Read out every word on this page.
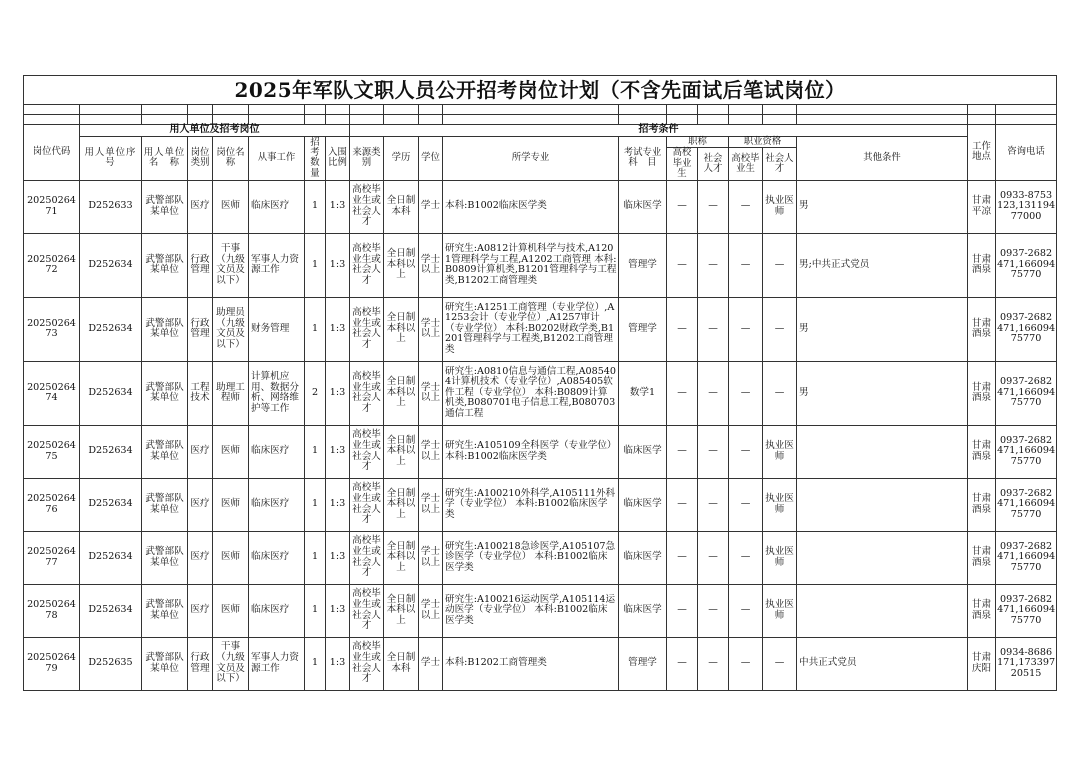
2025年军队文职人员公开招考岗位计划（不含先面试后笔试岗位）																			

岗位代码	用人单位及招考岗位							招考条件										工作地点	咨询电话
	用人单位序　号	用人单位名　称	岗位类别	岗位名称	从事工作	招考数量	入围比例	来源类别	学历	学位	所学专业	考试专业科　目	职称		职业资格		其他条件		
													高校毕业生	社会人才	高校毕业生	社会人才			
2025026471	D252633	武警部队某单位	医疗	医师	临床医疗	1	1:3	高校毕业生或社会人才	全日制本科	学士	本科:B1002临床医学类	临床医学	—	—	—	执业医师	男	甘肃平凉	0933-8753123,13119477000
2025026472	D252634	武警部队某单位	行政管理	干事（九级文员及以下）	军事人力资源工作	1	1:3	高校毕业生或社会人才	全日制本科以上	学士以上	研究生:A0812计算机科学与技术,A1201管理科学与工程,A1202工商管理 本科:B0809计算机类,B1201管理科学与工程类,B1202工商管理类	管理学	—	—	—	—	男;中共正式党员	甘肃酒泉	0937-2682471,16609475770
2025026473	D252634	武警部队某单位	行政管理	助理员（九级文员及以下）	财务管理	1	1:3	高校毕业生或社会人才	全日制本科以上	学士以上	研究生:A1251工商管理（专业学位）,A1253会计（专业学位）,A1257审计（专业学位） 本科:B0202财政学类,B1201管理科学与工程类,B1202工商管理类	管理学	—	—	—	—	男	甘肃酒泉	0937-2682471,16609475770
2025026474	D252634	武警部队某单位	工程技术	助理工程师	计算机应用、数据分析、网络维护等工作	2	1:3	高校毕业生或社会人才	全日制本科以上	学士以上	研究生:A0810信息与通信工程,A085404计算机技术（专业学位）,A085405软件工程（专业学位） 本科:B0809计算机类,B080701电子信息工程,B080703通信工程	数学1	—	—	—	—	男	甘肃酒泉	0937-2682471,16609475770
2025026475	D252634	武警部队某单位	医疗	医师	临床医疗	1	1:3	高校毕业生或社会人才	全日制本科以上	学士以上	研究生:A105109全科医学（专业学位） 本科:B1002临床医学类	临床医学	—	—	—	执业医师		甘肃酒泉	0937-2682471,16609475770
2025026476	D252634	武警部队某单位	医疗	医师	临床医疗	1	1:3	高校毕业生或社会人才	全日制本科以上	学士以上	研究生:A100210外科学,A105111外科学（专业学位） 本科:B1002临床医学类	临床医学	—	—	—	执业医师		甘肃酒泉	0937-2682471,16609475770
2025026477	D252634	武警部队某单位	医疗	医师	临床医疗	1	1:3	高校毕业生或社会人才	全日制本科以上	学士以上	研究生:A100218急诊医学,A105107急诊医学（专业学位） 本科:B1002临床医学类	临床医学	—	—	—	执业医师		甘肃酒泉	0937-2682471,16609475770
2025026478	D252634	武警部队某单位	医疗	医师	临床医疗	1	1:3	高校毕业生或社会人才	全日制本科以上	学士以上	研究生:A100216运动医学,A105114运动医学（专业学位） 本科:B1002临床医学类	临床医学	—	—	—	执业医师		甘肃酒泉	0937-2682471,16609475770
2025026479	D252635	武警部队某单位	行政管理	干事（九级文员及以下）	军事人力资源工作	1	1:3	高校毕业生或社会人才	全日制本科	学士	本科:B1202工商管理类	管理学	—	—	—	—	中共正式党员	甘肃庆阳	0934-8686171,17339720515
